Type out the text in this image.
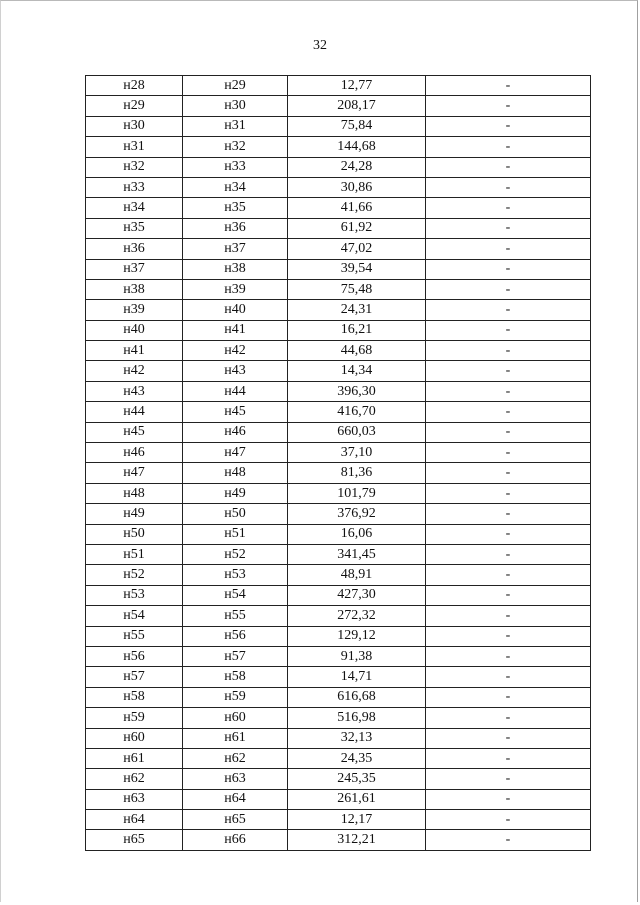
32
н28	н29	12,77	-
н29	н30	208,17	-
н30	н31	75,84	-
н31	н32	144,68	-
н32	н33	24,28	-
н33	н34	30,86	-
н34	н35	41,66	-
н35	н36	61,92	-
н36	н37	47,02	-
н37	н38	39,54	-
н38	н39	75,48	-
н39	н40	24,31	-
н40	н41	16,21	-
н41	н42	44,68	-
н42	н43	14,34	-
н43	н44	396,30	-
н44	н45	416,70	-
н45	н46	660,03	-
н46	н47	37,10	-
н47	н48	81,36	-
н48	н49	101,79	-
н49	н50	376,92	-
н50	н51	16,06	-
н51	н52	341,45	-
н52	н53	48,91	-
н53	н54	427,30	-
н54	н55	272,32	-
н55	н56	129,12	-
н56	н57	91,38	-
н57	н58	14,71	-
н58	н59	616,68	-
н59	н60	516,98	-
н60	н61	32,13	-
н61	н62	24,35	-
н62	н63	245,35	-
н63	н64	261,61	-
н64	н65	12,17	-
н65	н66	312,21	-
